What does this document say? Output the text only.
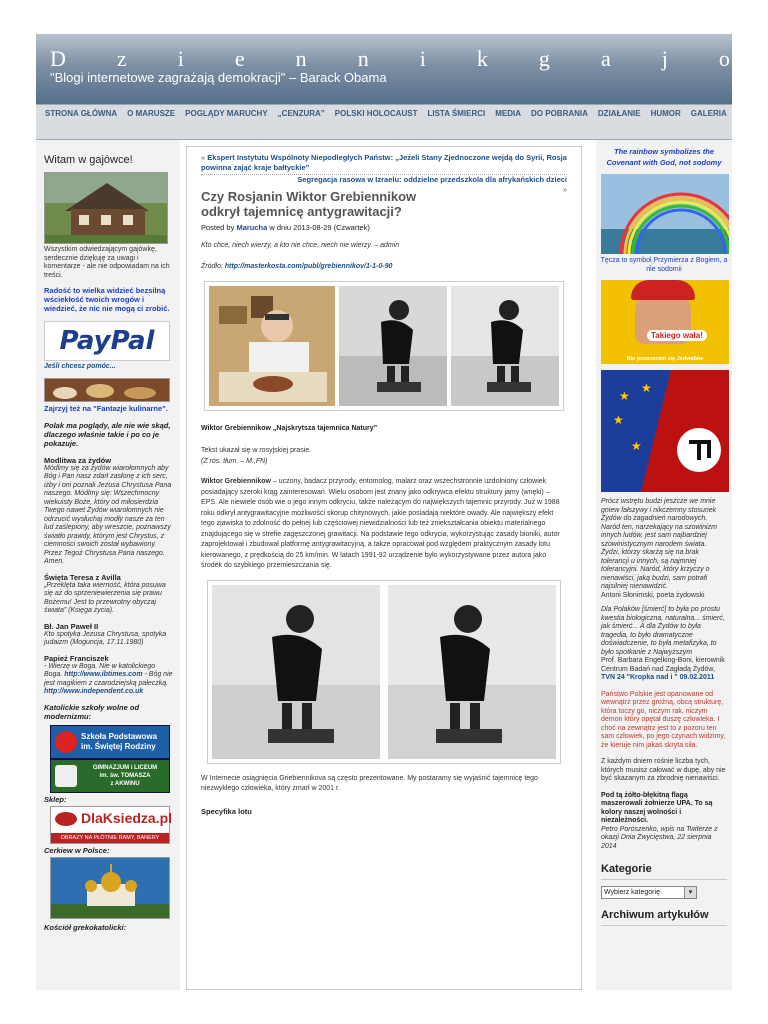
D z i e n n i k g a j o
"Blogi internetowe zagrażają demokracji" – Barack Obama
STRONA GŁÓWNA	O MARUSZE	POGLĄDY MARUCHY	„CENZURA”	POLSKI HOLOCAUST	LISTA ŚMIERCI	MEDIA	DO POBRANIA	DZIAŁANIE	HUMOR	GALERIA
Witam w gajówce!

Wszystkim odwiedzającym gajówkę, serdecznie dziękuję za uwagi i komentarze - ale nie odpowiadam na ich treści.

Radość to wielka widzieć bezsilną wściekłość twoich wrogów i wiedzieć, że nic nie mogą ci zrobić.

PayPal

Jeśli chcesz pomóc...

Zajrzyj też na "Fantazje kulinarne".

Polak ma poglądy, ale nie wie skąd, dlaczego właśnie takie i po co je pokazuje.

Modlitwa za żydów

Módlmy się za żydów wiarołomnych aby Bóg i Pan nasz zdarł zasłonę z ich serc, iżby i oni poznali Jezusa Chrystusa Pana naszego. Módlmy się: Wszechmocny wiekuisty Boże, który od miłosierdzia Twego nawet Żydów wiarołomnych nie odrzucić wysłuchaj modły nasze za ten lud zaślepiony, aby wreszcie, poznawszy światło prawdy, którym jest Chrystus, z ciemności swoich został wybawiony. Przez Tegoż Chrystusa Pana naszego. Amen.

Święta Teresa z Avilla

„Przeklęta taka wierność, która posuwa się aż do sprzeniewierzenia się prawu Bożemu! Jest to przewrotny obyczaj świata” (Księga życia).

Bł. Jan Paweł II

Kto spotyka Jezusa Chrystusa, spotyka judaizm (Moguncja, 17.11.1980)

Papież Franciszek

- Wierzę w Boga. Nie w katolickiego Boga. http://www.ibtimes.com - Bóg nie jest magikiem z czarodziejską pałeczką.
http://www.independent.co.uk

Katolickie szkoły wolne od modernizmu:

Szkoła Podstawowa
im. Świętej Rodziny
GIMNAZJUM i LICEUM
im. św. TOMASZA
z AKWINU

Sklep:

DlaKsiedza.pl
OBRAZY NA PŁÓTNIE RAMY, BANERY

Cerkiew w Polsce:

Kościół grekokatolicki:

« Ekspert Instytutu Wspólnoty Niepodległych Państw: „Jeżeli Stany Zjednoczone wejdą do Syrii, Rosja powinna zająć kraje bałtyckie”
Segregacja rasowa w Izraelu: oddzielne przedszkola dla afrykańskich dzieci
»
Czy Rosjanin Wiktor Grebiennikow odkrył tajemnicę antygrawitacji?

Posted by Marucha w dniu 2013-08-29 (Czwartek)

Kto chce, niech wierzy, a kto nie chce, niech nie wierzy. – admin

Źródło: http://masterkosta.com/publ/grebiennikov/1-1-0-90

Wiktor Grebiennikow „Najskrytsza tajemnica Natury”

Tekst ukazał się w rosyjskiej prasie.

(Z ros. tłum. – M.,FN)

Wiktor Grebiennikow – uczony, badacz przyrody, entomolog, malarz oraz wszechstronnie uzdolniony człowiek posiadający szeroki krąg zainteresowań. Wielu osobom jest znany jako odkrywca efektu struktury jamy (wnęki) – EPS. Ale niewiele osób wie o jego innym odkryciu, także należącym do największych tajemnic przyrody. Już w 1988 roku odkrył antygrawitacyjne możliwości skorup chitynowych, jakie posiadają niektóre owady. Ale największy efekt tego zjawiska to zdolność do pełnej lub częściowej niewidzialności lub też zniekształcania obiektu materialnego znajdującego się w strefie zagęszczonej grawitacji. Na podstawie tego odkrycia, wykorzystując zasady bioniki, autor zaprojektował i zbudował platformę antygrawitacyjną, a także opracował pod względem praktycznym zasady lotu kierowanego, z prędkością do 25 km/min. W latach 1991-92 urządzenie było wykorzystywane przez autora jako środek do szybkiego przemieszczania się.

W Internecie osiągnięcia Griebiennikova są często prezentowane. My postaramy się wyjaśnić tajemnicę tego niezwykłego człowieka, który zmarł w 2001 r.

Specyfika lotu

The rainbow symbolizes the Covenant with God, not sodomy

Tęcza to symbol Przymierza z Bogiem, a nie sodomii

Takiego wała!
Nie przerzeram się Jedwabne
★
★
★
★

Prócz wstrętu budzi jeszcze we mnie gniew fałszywy i nikczemny stosunek Żydów do zagadnień narodowych. Naród ten, narzekający na szowinizm innych ludów, jest sam najbardziej szowinistycznym narodem świata. Żydzi, którzy skarżą się na brak tolerancji u innych, są najmniej tolerancyjni. Naród, który krzyczy o nienawiści, jaką budzi, sam potrafi najsilniej nienawidzić.

Antoni Słonimski, poeta żydowski

Dla Polaków [śmierć] to była po prostu kwestia biologiczna, naturalna... śmierć, jak śmierć... A dla Żydów to była tragedia, to było dramatyczne doświadczenie, to była metafizyka, to było spotkanie z Najwyższym

Prof. Barbara Engelking-Boni, kierownik Centrum Badań nad Zagładą Żydów, TVN 24 "Kropka nad i " 09.02.2011

Państwo Polskie jest opanowane od wewnątrz przez groźną, obcą strukturę, która toczy go, niczym rak, niczym demon który opętał duszę człowieka. I choć na zewnątrz jest to z pozoru ten sam człowiek, po jego czynach widzimy, że kieruje nim jakaś skryta siła.

Z każdym dniem rośnie liczba tych, których musisz całować w dupę, aby nie być skazanym za zbrodnię nienawiści.

Pod tą żółto-błękitną flagą maszerowali żołnierze UPA. To są kolory naszej wolności i niezależności.

Petro Poroszenko, wpis na Twiterze z okazji Dnia Zwycięstwa, 22 sierpnia 2014

Kategorie
Wybierz kategorię	▾
Archiwum artykułów
